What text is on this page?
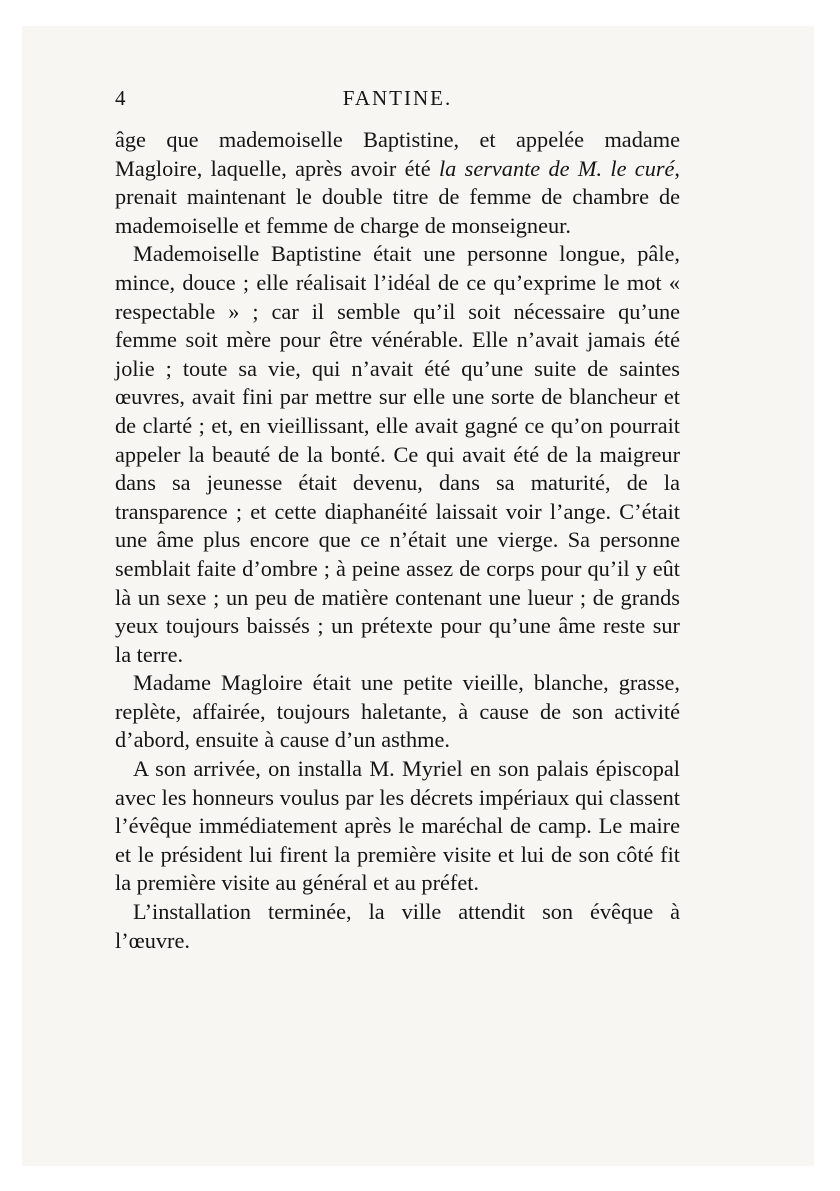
4	FANTINE.

âge que mademoiselle Baptistine, et appelée madame Magloire, laquelle, après avoir été la servante de M. le curé, prenait maintenant le double titre de femme de chambre de mademoiselle et femme de charge de monseigneur.

Mademoiselle Baptistine était une personne longue, pâle, mince, douce ; elle réalisait l’idéal de ce qu’exprime le mot « respectable » ; car il semble qu’il soit nécessaire qu’une femme soit mère pour être vénérable. Elle n’avait jamais été jolie ; toute sa vie, qui n’avait été qu’une suite de saintes œuvres, avait fini par mettre sur elle une sorte de blancheur et de clarté ; et, en vieillissant, elle avait gagné ce qu’on pourrait appeler la beauté de la bonté. Ce qui avait été de la maigreur dans sa jeunesse était devenu, dans sa maturité, de la transparence ; et cette diaphanéité laissait voir l’ange. C’était une âme plus encore que ce n’était une vierge. Sa personne semblait faite d’ombre ; à peine assez de corps pour qu’il y eût là un sexe ; un peu de matière contenant une lueur ; de grands yeux toujours baissés ; un prétexte pour qu’une âme reste sur la terre.

Madame Magloire était une petite vieille, blanche, grasse, replète, affairée, toujours haletante, à cause de son activité d’abord, ensuite à cause d’un asthme.

A son arrivée, on installa M. Myriel en son palais épiscopal avec les honneurs voulus par les décrets impériaux qui classent l’évêque immédiatement après le maréchal de camp. Le maire et le président lui firent la première visite et lui de son côté fit la première visite au général et au préfet.

L’installation terminée, la ville attendit son évêque à l’œuvre.
